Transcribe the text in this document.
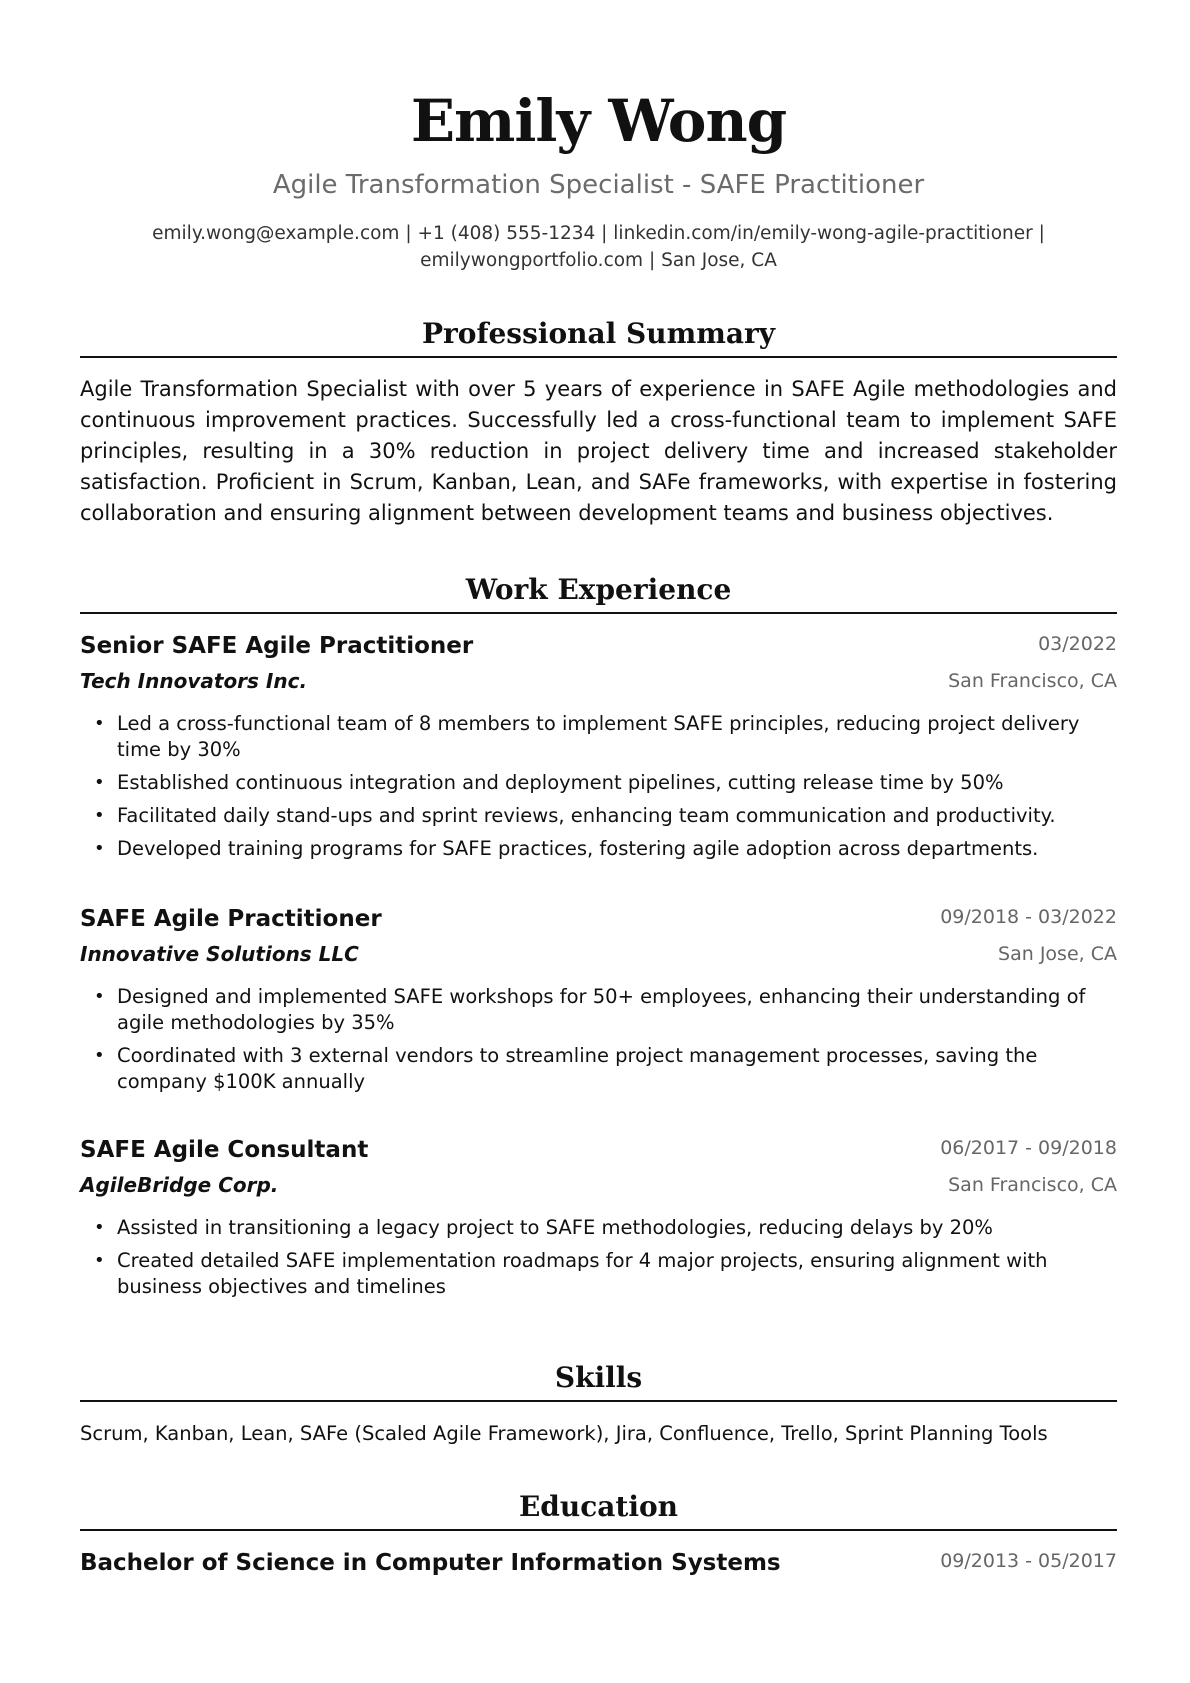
Emily Wong
Agile Transformation Specialist - SAFE Practitioner
emily.wong@example.com | +1 (408) 555-1234 | linkedin.com/in/emily-wong-agile-practitioner |
emilywongportfolio.com | San Jose, CA
Professional Summary
Agile Transformation Specialist with over 5 years of experience in SAFE Agile methodologies and continuous improvement practices. Successfully led a cross-functional team to implement SAFE principles, resulting in a 30% reduction in project delivery time and increased stakeholder satisfaction. Proficient in Scrum, Kanban, Lean, and SAFe frameworks, with expertise in fostering collaboration and ensuring alignment between development teams and business objectives.
Work Experience
Senior SAFE Agile Practitioner	03/2022
Tech Innovators Inc.	San Francisco, CA
• Led a cross-functional team of 8 members to implement SAFE principles, reducing project delivery time by 30%
• Established continuous integration and deployment pipelines, cutting release time by 50%
• Facilitated daily stand-ups and sprint reviews, enhancing team communication and productivity.
• Developed training programs for SAFE practices, fostering agile adoption across departments.
SAFE Agile Practitioner	09/2018 - 03/2022
Innovative Solutions LLC	San Jose, CA
• Designed and implemented SAFE workshops for 50+ employees, enhancing their understanding of agile methodologies by 35%
• Coordinated with 3 external vendors to streamline project management processes, saving the company $100K annually
SAFE Agile Consultant	06/2017 - 09/2018
AgileBridge Corp.	San Francisco, CA
• Assisted in transitioning a legacy project to SAFE methodologies, reducing delays by 20%
• Created detailed SAFE implementation roadmaps for 4 major projects, ensuring alignment with business objectives and timelines
Skills
Scrum, Kanban, Lean, SAFe (Scaled Agile Framework), Jira, Confluence, Trello, Sprint Planning Tools
Education
Bachelor of Science in Computer Information Systems	09/2013 - 05/2017
